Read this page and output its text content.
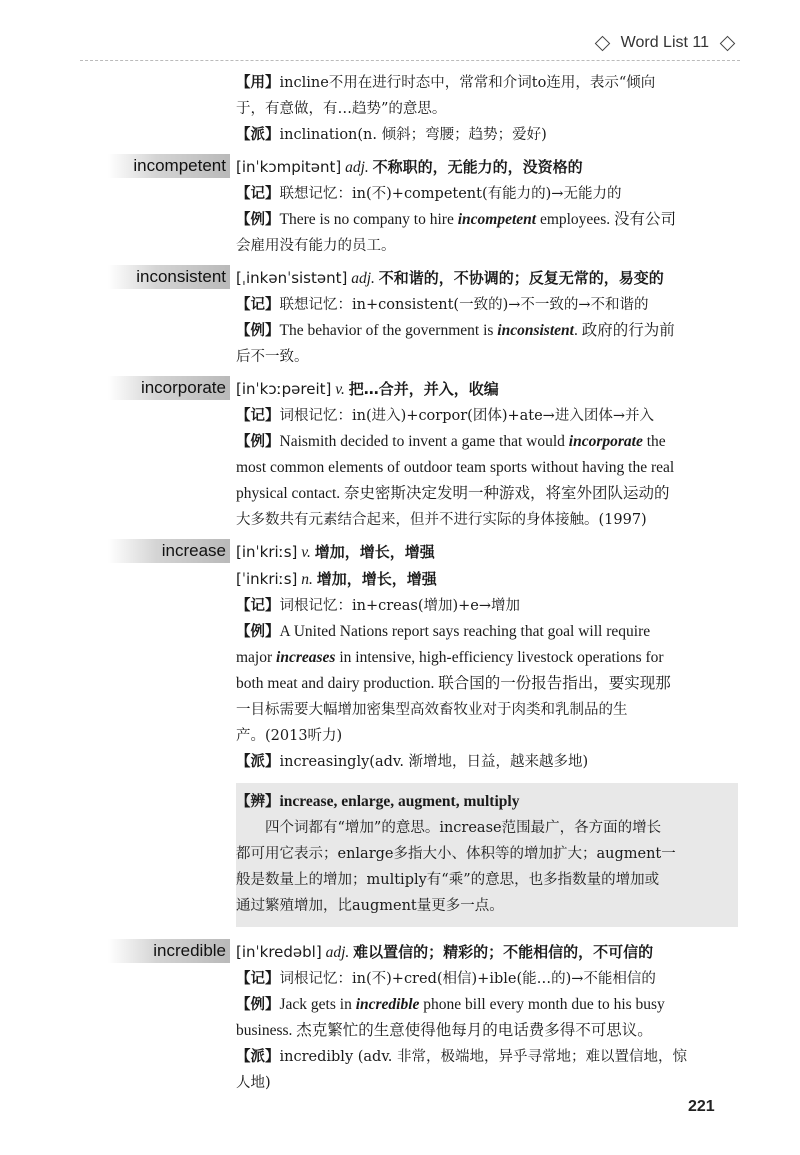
Word List 11

【用】incline不用在进行时态中，常常和介词to连用，表示“倾向

于，有意做，有…趋势”的意思。

【派】inclination(n. 倾斜；弯腰；趋势；爱好)

incompetent [inˈkɔmpitənt] adj. 不称职的，无能力的，没资格的

【记】联想记忆：in(不)+competent(有能力的)→无能力的

【例】There is no company to hire incompetent employees. 没有公司

会雇用没有能力的员工。

inconsistent [ˌinkənˈsistənt] adj. 不和谐的，不协调的；反复无常的，易变的

【记】联想记忆：in+consistent(一致的)→不一致的→不和谐的

【例】The behavior of the government is inconsistent. 政府的行为前

后不一致。

incorporate [inˈkɔːpəreit] v. 把…合并，并入，收编

【记】词根记忆：in(进入)+corpor(团体)+ate→进入团体→并入

【例】Naismith decided to invent a game that would incorporate the

most common elements of outdoor team sports without having the real

physical contact. 奈史密斯决定发明一种游戏，将室外团队运动的

大多数共有元素结合起来，但并不进行实际的身体接触。(1997)

increase [inˈkriːs] v. 增加，增长，增强

[ˈinkriːs] n. 增加，增长，增强

【记】词根记忆：in+creas(增加)+e→增加

【例】A United Nations report says reaching that goal will require

major increases in intensive, high-efficiency livestock operations for

both meat and dairy production. 联合国的一份报告指出，要实现那

一目标需要大幅增加密集型高效畜牧业对于肉类和乳制品的生

产。(2013听力)

【派】increasingly(adv. 渐增地，日益，越来越多地)

【辨】increase, enlarge, augment, multiply

四个词都有“增加”的意思。increase范围最广，各方面的增长

都可用它表示；enlarge多指大小、体积等的增加扩大；augment一

般是数量上的增加；multiply有“乘”的意思，也多指数量的增加或

通过繁殖增加，比augment量更多一点。

incredible [inˈkredəbl] adj. 难以置信的；精彩的；不能相信的，不可信的

【记】词根记忆：in(不)+cred(相信)+ible(能…的)→不能相信的

【例】Jack gets in incredible phone bill every month due to his busy

business. 杰克繁忙的生意使得他每月的电话费多得不可思议。

【派】incredibly (adv. 非常，极端地，异乎寻常地；难以置信地，惊

人地)

221
